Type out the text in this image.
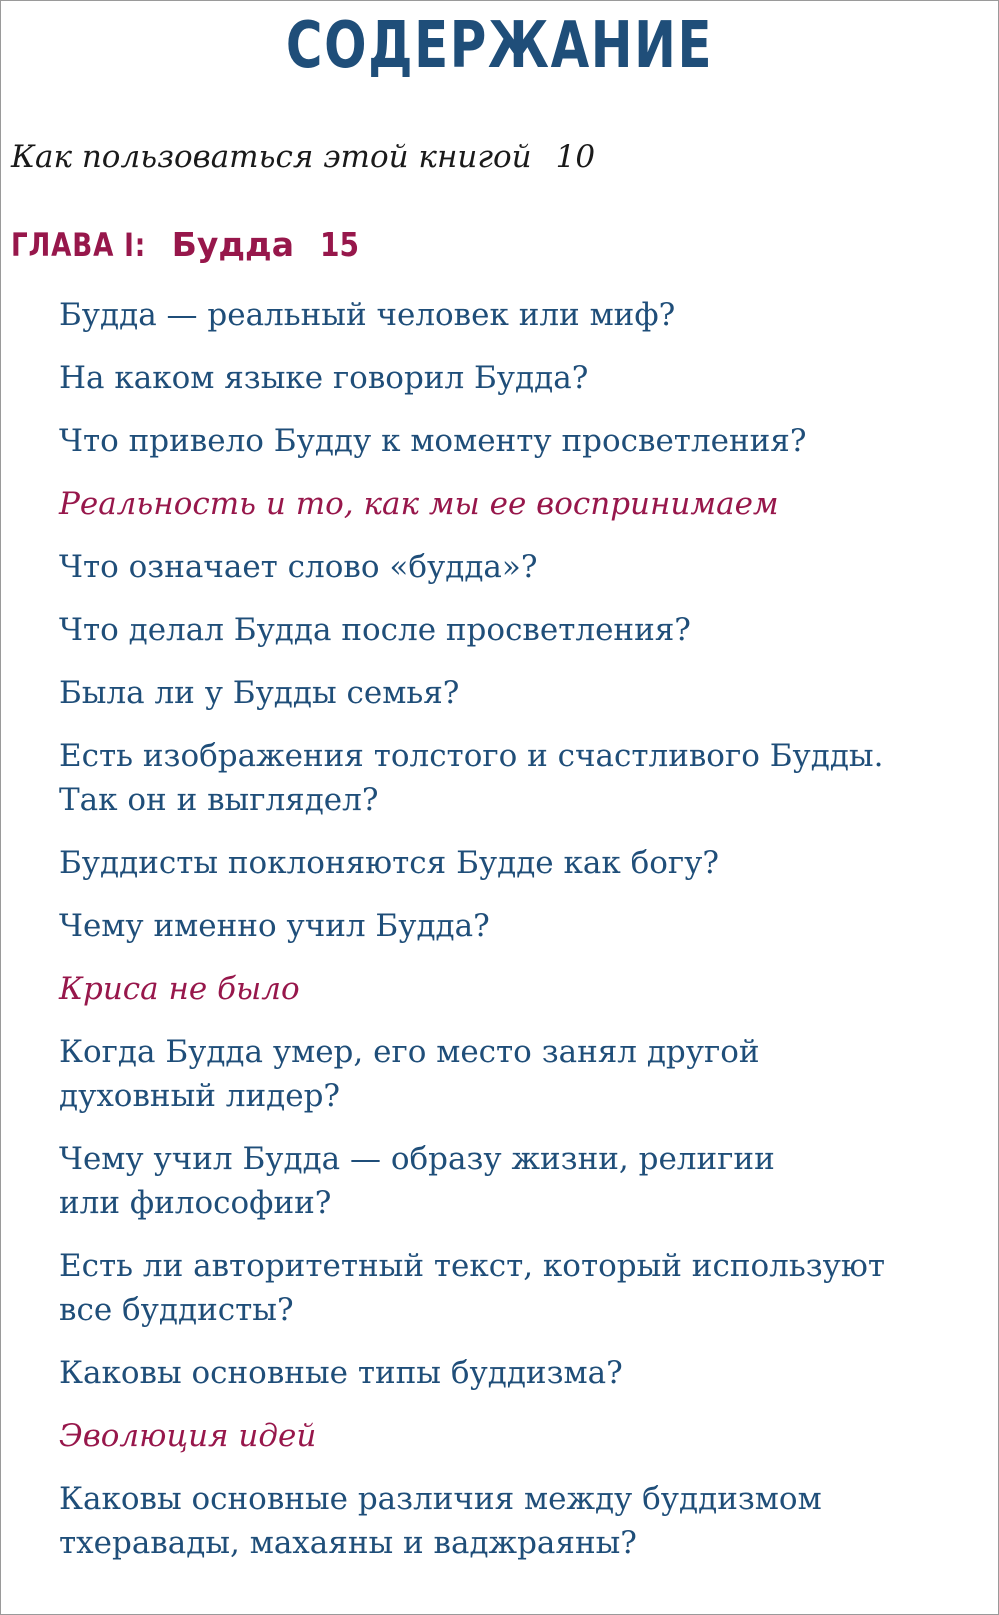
СОДЕРЖАНИЕ
Как пользоваться этой книгой 10
ГЛАВА I: Будда 15
Будда — реальный человек или миф?
На каком языке говорил Будда?
Что привело Будду к моменту просветления?
Реальность и то, как мы ее воспринимаем
Что означает слово «будда»?
Что делал Будда после просветления?
Была ли у Будды семья?
Есть изображения толстого и счастливого Будды.
Так он и выглядел?
Буддисты поклоняются Будде как богу?
Чему именно учил Будда?
Криса не было
Когда Будда умер, его место занял другой
духовный лидер?
Чему учил Будда — образу жизни, религии
или философии?
Есть ли авторитетный текст, который используют
все буддисты?
Каковы основные типы буддизма?
Эволюция идей
Каковы основные различия между буддизмом
тхеравады, махаяны и ваджраяны?
